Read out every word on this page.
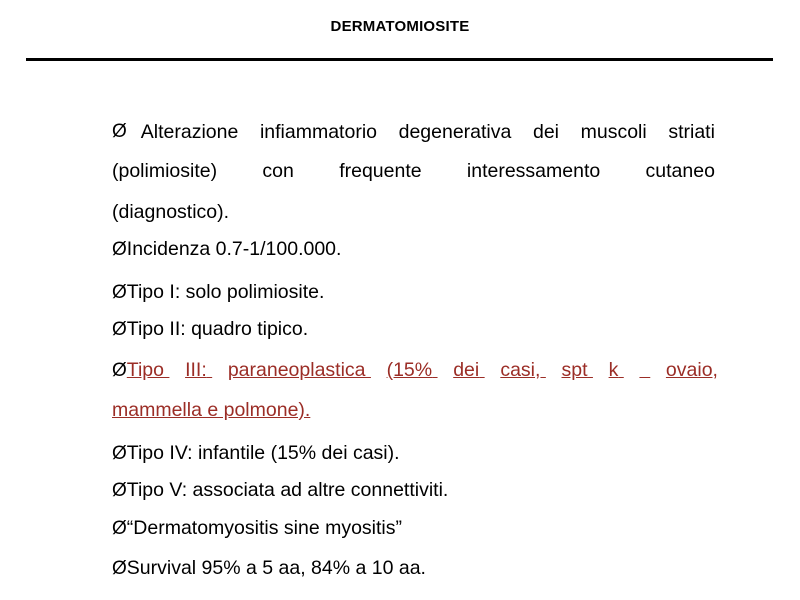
DERMATOMIOSITE
Ø Alterazione infiammatorio degenerativa dei muscoli striati
(polimiosite) con frequente interessamento cutaneo
(diagnostico).
ØIncidenza 0.7-1/100.000.
ØTipo I: solo polimiosite.
ØTipo II: quadro tipico.
ØTipo III: paraneoplastica (15% dei casi, spt k
ovaio,
mammella e polmone).
ØTipo IV: infantile (15% dei casi).
ØTipo V: associata ad altre connettiviti.
Ø“Dermatomyositis sine myositis”
ØSurvival 95% a 5 aa, 84% a 10 aa.
